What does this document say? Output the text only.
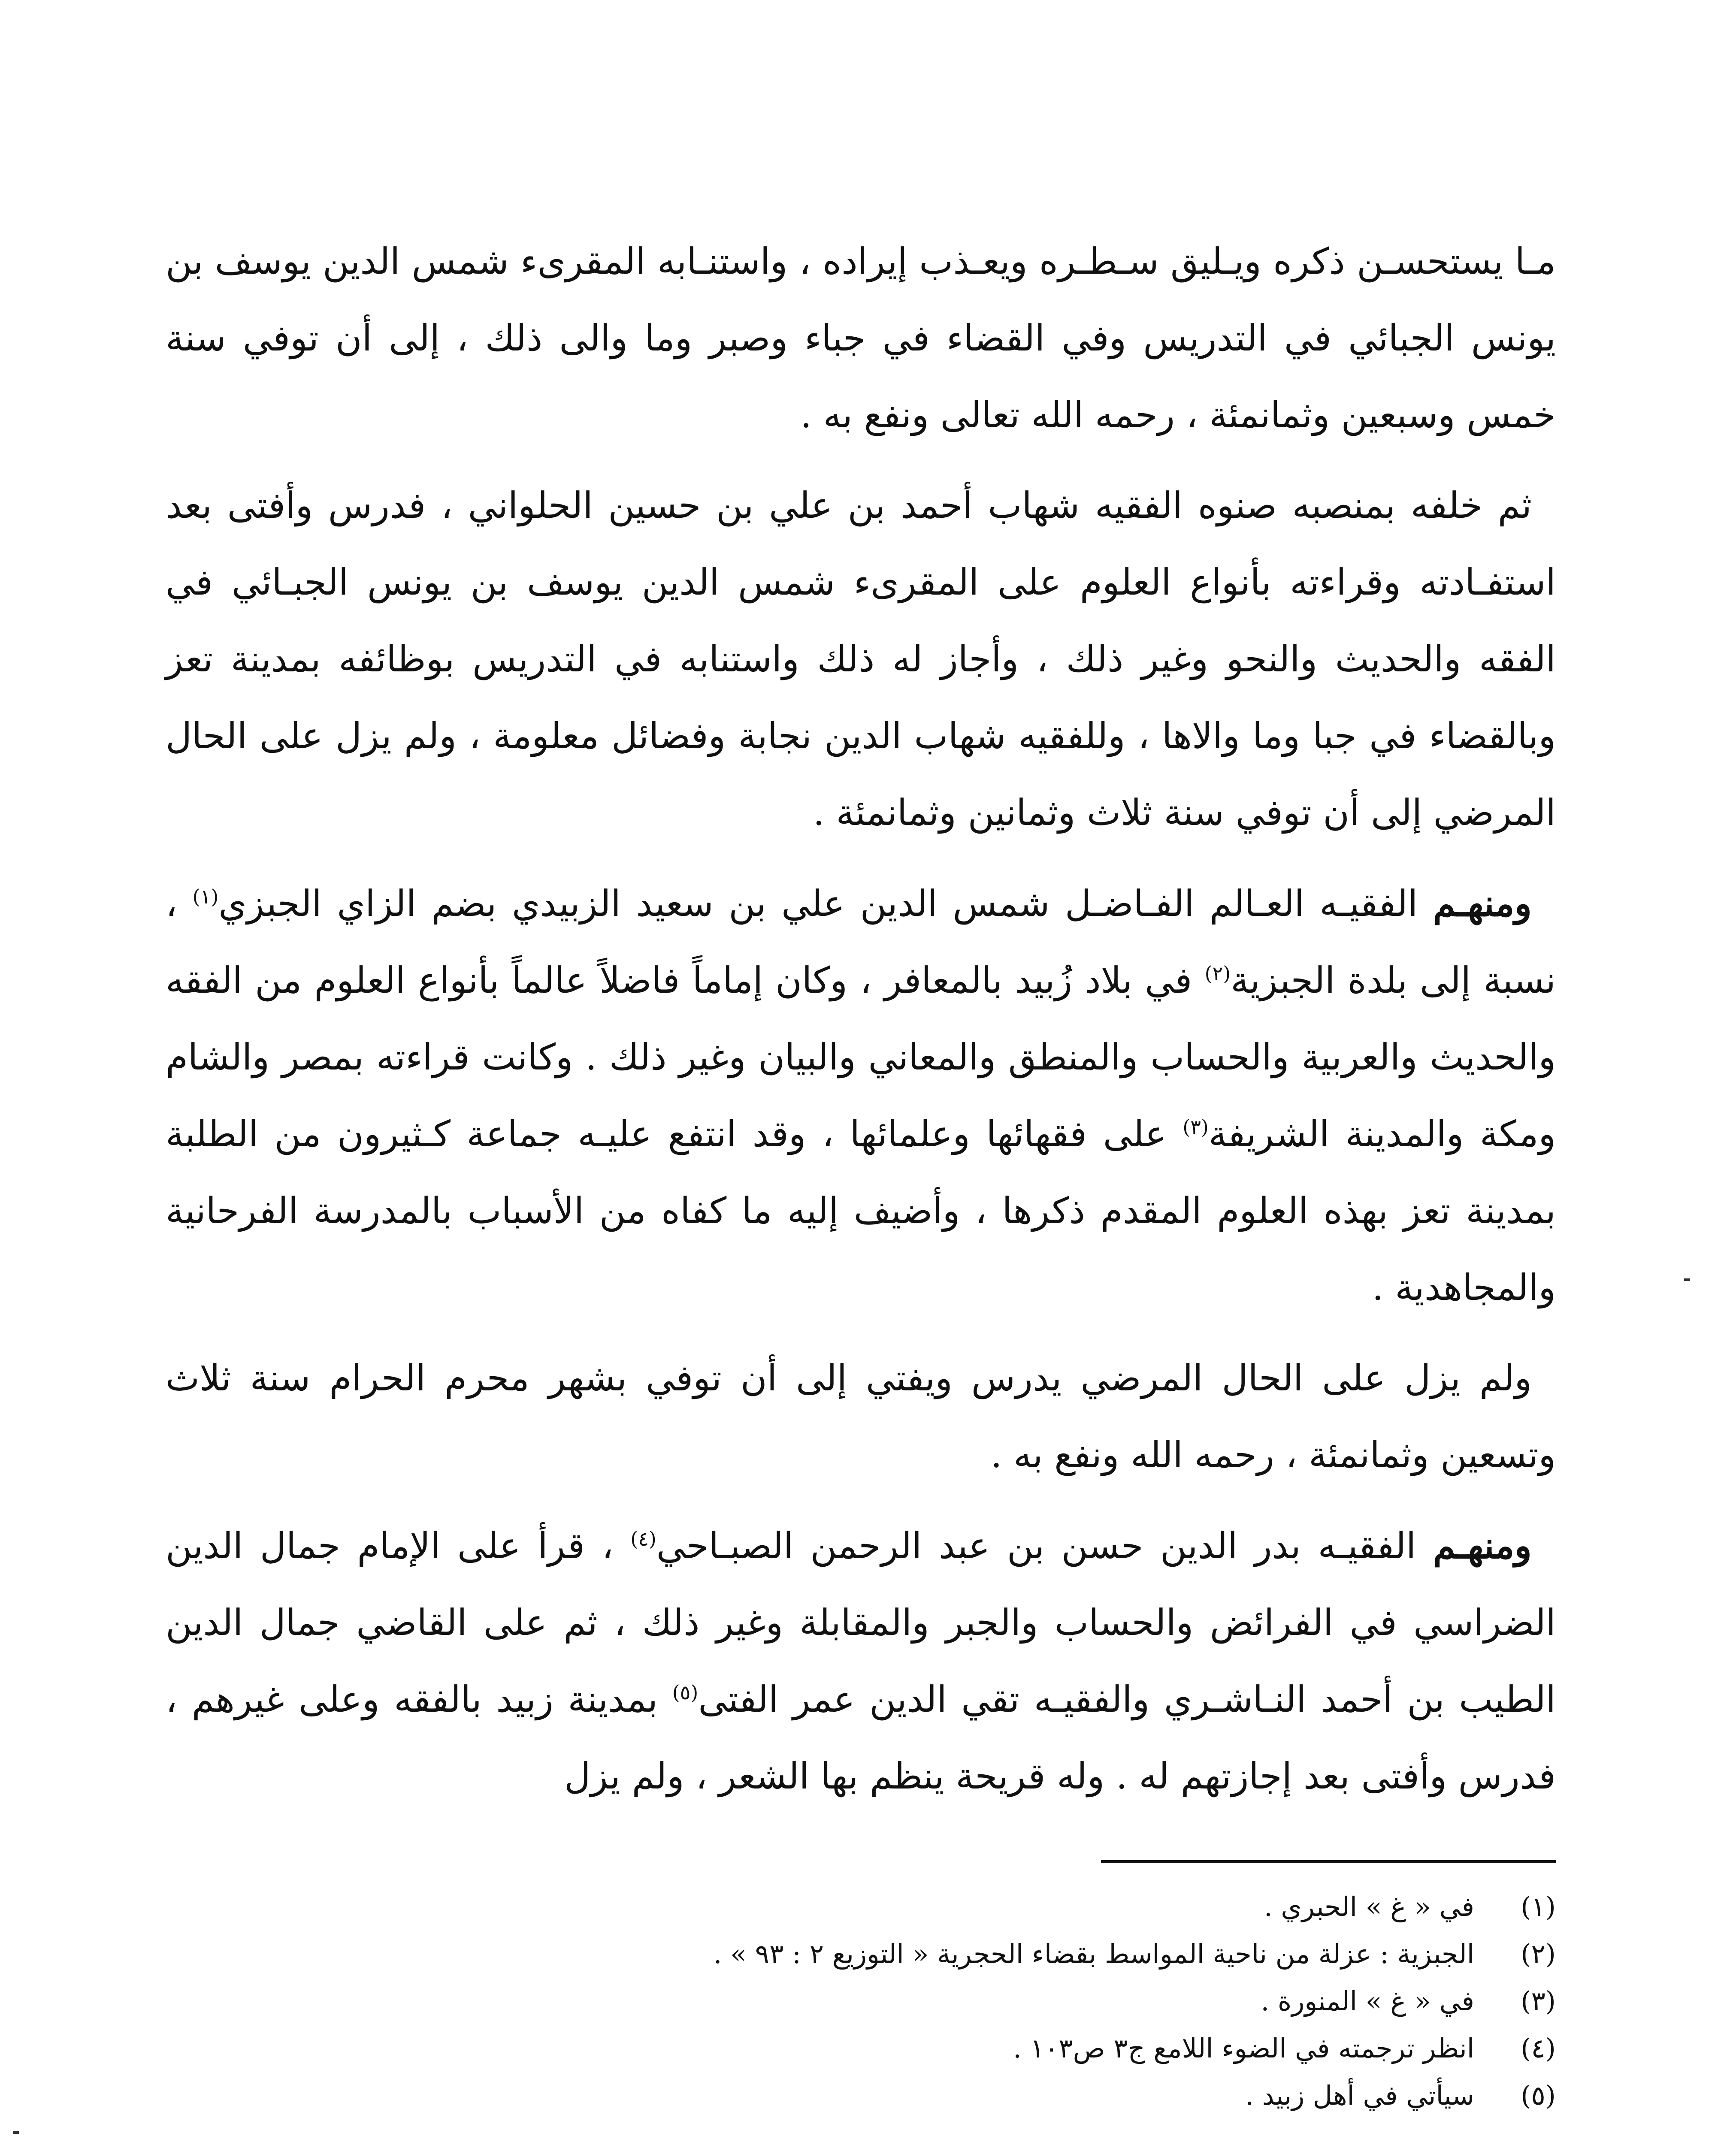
مـا يستحسـن ذكره ويـليق سـطـره ويعـذب إيراده ، واستنـابه المقرىء شمس الدين يوسف بن يونس الجبائي في التدريس وفي القضاء في جباء وصبر وما والى ذلك ، إلى أن توفي سنة خمس وسبعين وثمانمئة ، رحمه الله تعالى ونفع به .

ثم خلفه بمنصبه صنوه الفقيه شهاب أحمد بن علي بن حسين الحلواني ، فدرس وأفتى بعد استفـادته وقراءته بأنواع العلوم على المقرىء شمس الدين يوسف بن يونس الجبـائي في الفقه والحديث والنحو وغير ذلك ، وأجاز له ذلك واستنابه في التدريس بوظائفه بمدينة تعز وبالقضاء في جبا وما والاها ، وللفقيه شهاب الدين نجابة وفضائل معلومة ، ولم يزل على الحال المرضي إلى أن توفي سنة ثلاث وثمانين وثمانمئة .

ومنهـم الفقيـه العـالم الفـاضـل شمس الدين علي بن سعيد الزبيدي بضم الزاي الجبزي$^{(١)}$ ، نسبة إلى بلدة الجبزية$^{(٢)}$ في بلاد زُبيد بالمعافر ، وكان إماماً فاضلاً عالماً بأنواع العلوم من الفقه والحديث والعربية والحساب والمنطق والمعاني والبيان وغير ذلك . وكانت قراءته بمصر والشام ومكة والمدينة الشريفة$^{(٣)}$ على فقهائها وعلمائها ، وقد انتفع عليـه جماعة كـثيرون من الطلبة بمدينة تعز بهذه العلوم المقدم ذكرها ، وأضيف إليه ما كفاه من الأسباب بالمدرسة الفرحانية والمجاهدية .

ولم يزل على الحال المرضي يدرس ويفتي إلى أن توفي بشهر محرم الحرام سنة ثلاث وتسعين وثمانمئة ، رحمه الله ونفع به .

ومنهـم الفقيـه بدر الدين حسن بن عبد الرحمن الصبـاحي$^{(٤)}$ ، قرأ على الإمام جمال الدين الضراسي في الفرائض والحساب والجبر والمقابلة وغير ذلك ، ثم على القاضي جمال الدين الطيب بن أحمد النـاشـري والفقيـه تقي الدين عمر الفتى$^{(٥)}$ بمدينة زبيد بالفقه وعلى غيرهم ، فدرس وأفتى بعد إجازتهم له . وله قريحة ينظم بها الشعر ، ولم يزل

(١)
في « غ » الحبري .

(٢)
الجبزية : عزلة من ناحية المواسط بقضاء الحجرية « التوزيع ٢ : ٩٣ » .

(٣)
في « غ » المنورة .

(٤)
انظر ترجمته في الضوء اللامع ج٣ ص١٠٣ .

(٥)
سيأتي في أهل زبيد .
